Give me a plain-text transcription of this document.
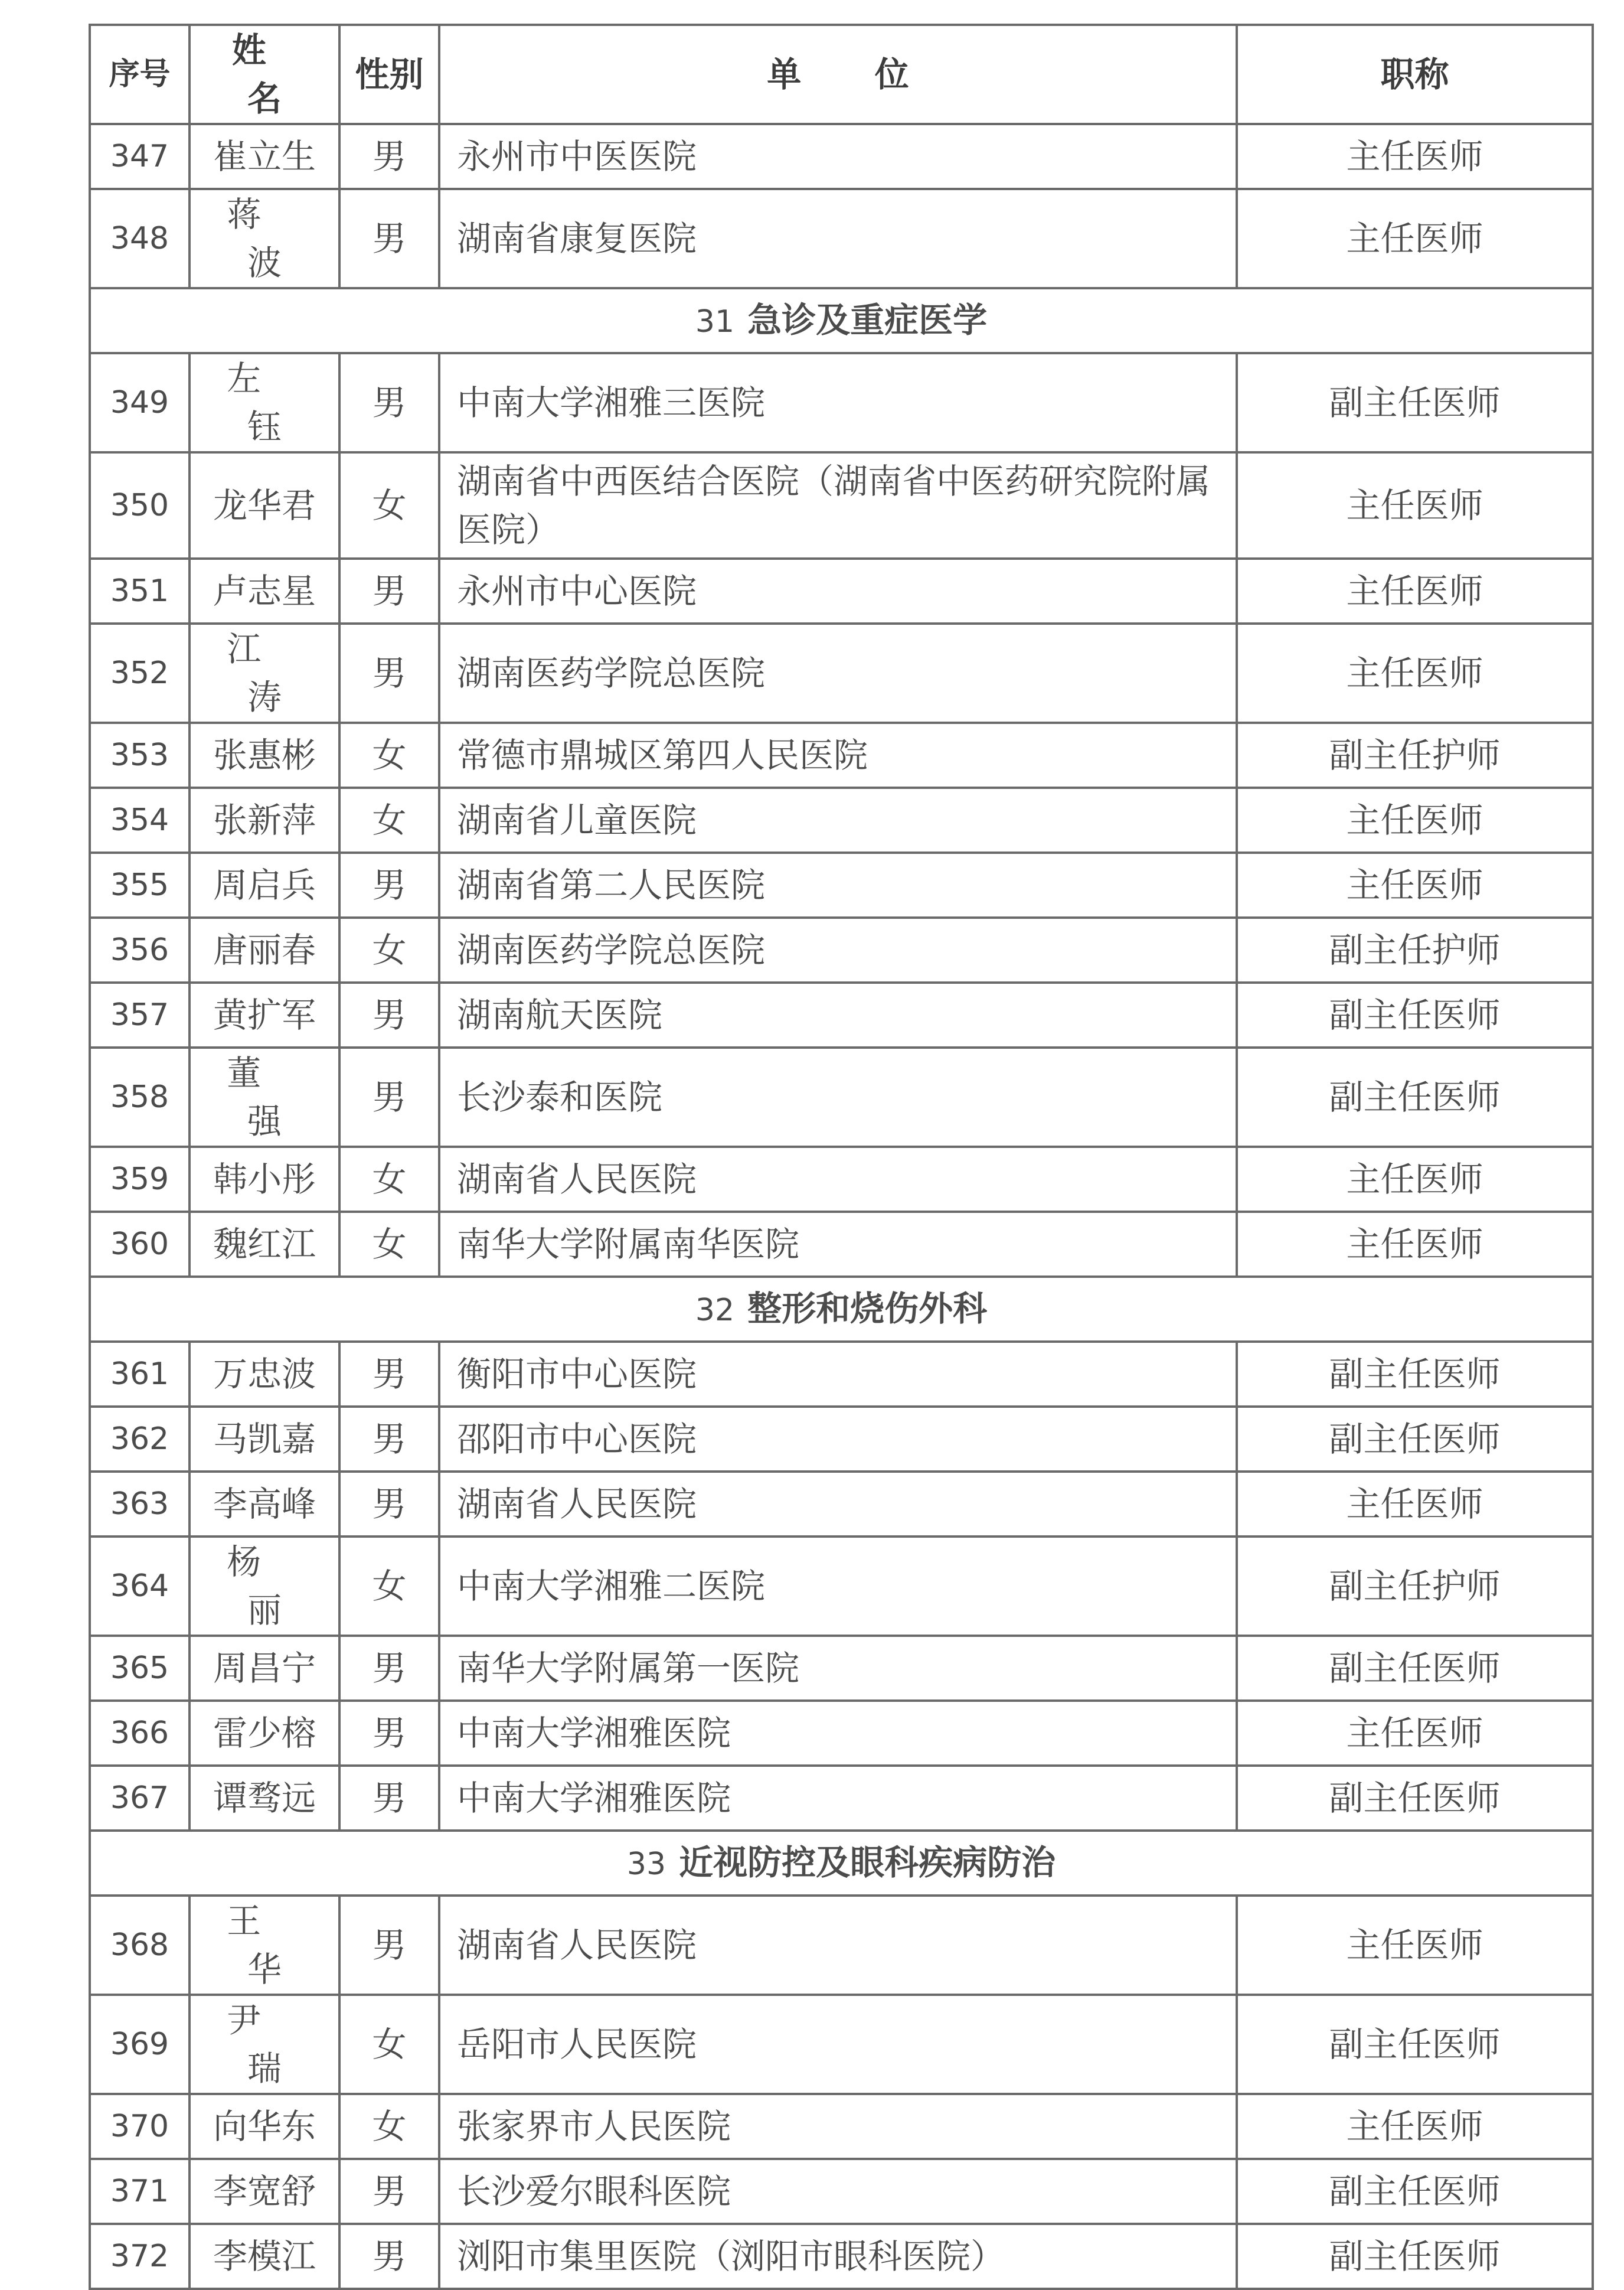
序号	姓 名	性别	单 位	职称
347	崔立生	男	永州市中医医院	主任医师
348	蒋波	男	湖南省康复医院	主任医师
31 急诊及重症医学				
349	左钰	男	中南大学湘雅三医院	副主任医师
350	龙华君	女	湖南省中西医结合医院（湖南省中医药研究院附属医院）	主任医师
351	卢志星	男	永州市中心医院	主任医师
352	江涛	男	湖南医药学院总医院	主任医师
353	张惠彬	女	常德市鼎城区第四人民医院	副主任护师
354	张新萍	女	湖南省儿童医院	主任医师
355	周启兵	男	湖南省第二人民医院	主任医师
356	唐丽春	女	湖南医药学院总医院	副主任护师
357	黄扩军	男	湖南航天医院	副主任医师
358	董强	男	长沙泰和医院	副主任医师
359	韩小彤	女	湖南省人民医院	主任医师
360	魏红江	女	南华大学附属南华医院	主任医师
32 整形和烧伤外科				
361	万忠波	男	衡阳市中心医院	副主任医师
362	马凯嘉	男	邵阳市中心医院	副主任医师
363	李高峰	男	湖南省人民医院	主任医师
364	杨丽	女	中南大学湘雅二医院	副主任护师
365	周昌宁	男	南华大学附属第一医院	副主任医师
366	雷少榕	男	中南大学湘雅医院	主任医师
367	谭骛远	男	中南大学湘雅医院	副主任医师
33 近视防控及眼科疾病防治				
368	王华	男	湖南省人民医院	主任医师
369	尹瑞	女	岳阳市人民医院	副主任医师
370	向华东	女	张家界市人民医院	主任医师
371	李宽舒	男	长沙爱尔眼科医院	副主任医师
372	李模江	男	浏阳市集里医院（浏阳市眼科医院）	副主任医师
